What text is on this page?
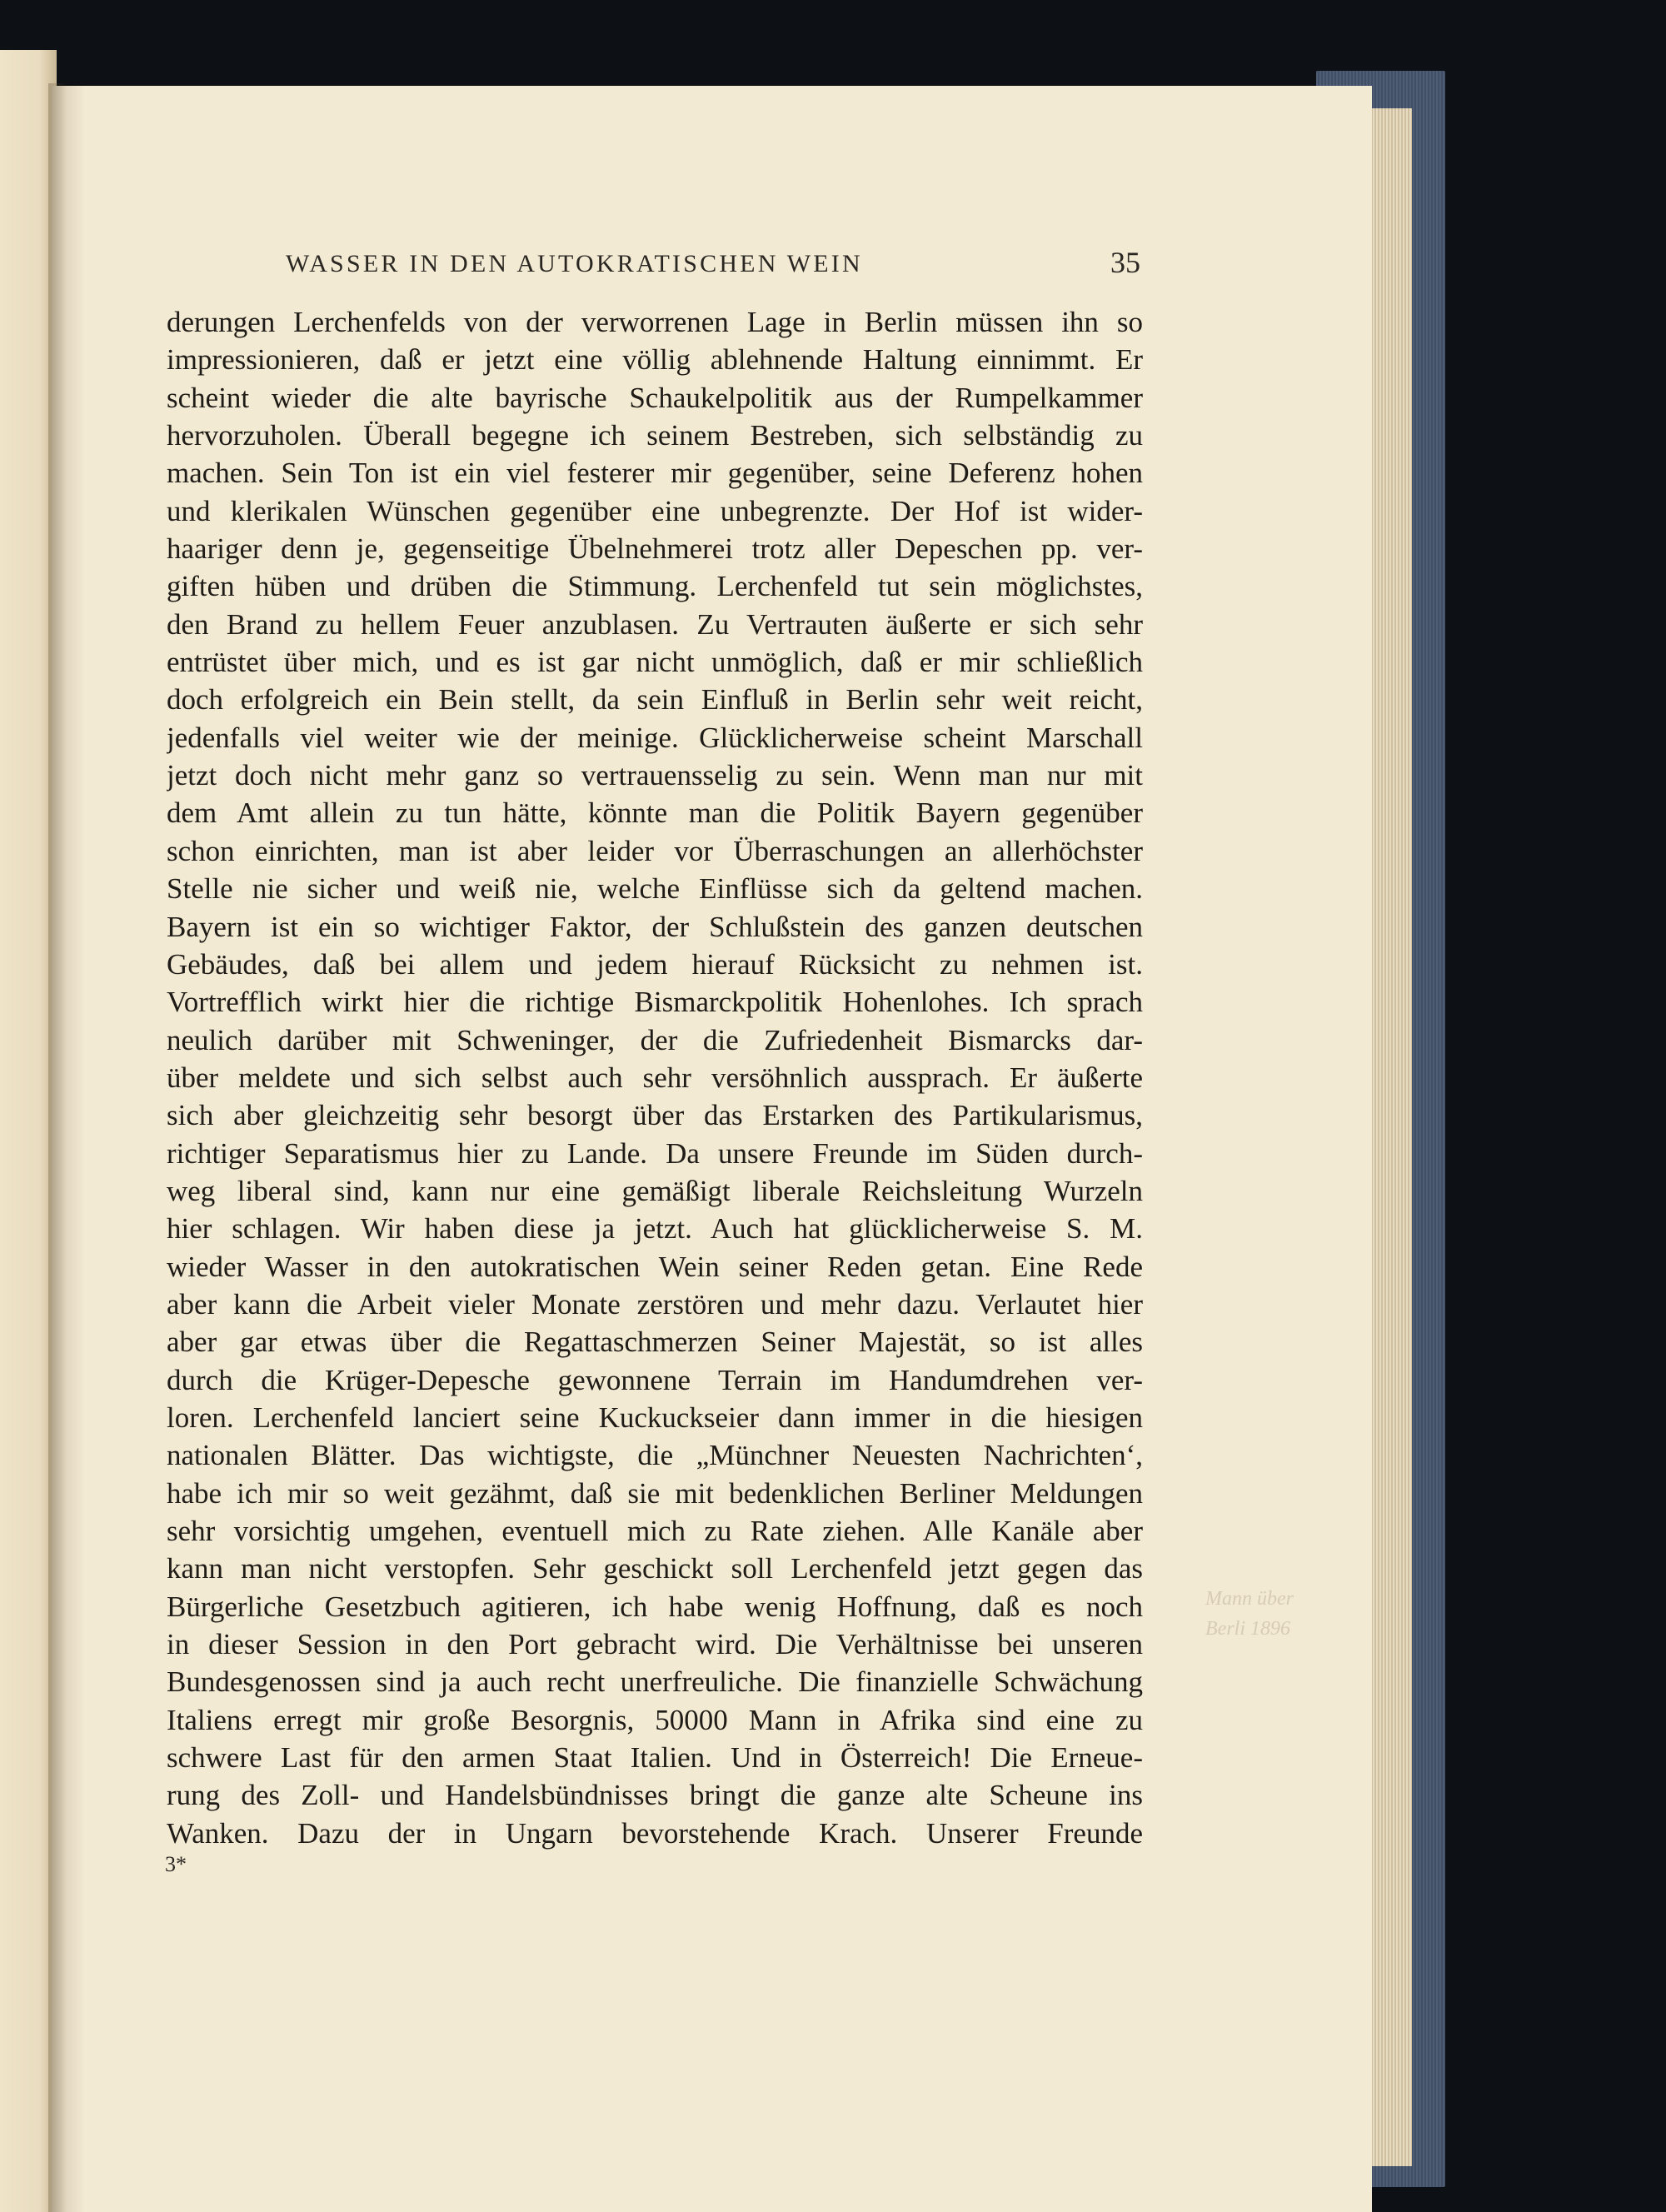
Mann über
Berli 1896
WASSER IN DEN AUTOKRATISCHEN WEIN	35
derungen Lerchenfelds von der verworrenen Lage in Berlin müssen ihn so
impressionieren, daß er jetzt eine völlig ablehnende Haltung einnimmt. Er
scheint wieder die alte bayrische Schaukelpolitik aus der Rumpelkammer
hervorzuholen. Überall begegne ich seinem Bestreben, sich selbständig zu
machen. Sein Ton ist ein viel festerer mir gegenüber, seine Deferenz hohen
und klerikalen Wünschen gegenüber eine unbegrenzte. Der Hof ist wider-
haariger denn je, gegenseitige Übelnehmerei trotz aller Depeschen pp. ver-
giften hüben und drüben die Stimmung. Lerchenfeld tut sein möglichstes,
den Brand zu hellem Feuer anzublasen. Zu Vertrauten äußerte er sich sehr
entrüstet über mich, und es ist gar nicht unmöglich, daß er mir schließlich
doch erfolgreich ein Bein stellt, da sein Einfluß in Berlin sehr weit reicht,
jedenfalls viel weiter wie der meinige. Glücklicherweise scheint Marschall
jetzt doch nicht mehr ganz so vertrauensselig zu sein. Wenn man nur mit
dem Amt allein zu tun hätte, könnte man die Politik Bayern gegenüber
schon einrichten, man ist aber leider vor Überraschungen an allerhöchster
Stelle nie sicher und weiß nie, welche Einflüsse sich da geltend machen.
Bayern ist ein so wichtiger Faktor, der Schlußstein des ganzen deutschen
Gebäudes, daß bei allem und jedem hierauf Rücksicht zu nehmen ist.
Vortrefflich wirkt hier die richtige Bismarckpolitik Hohenlohes. Ich sprach
neulich darüber mit Schweninger, der die Zufriedenheit Bismarcks dar-
über meldete und sich selbst auch sehr versöhnlich aussprach. Er äußerte
sich aber gleichzeitig sehr besorgt über das Erstarken des Partikularismus,
richtiger Separatismus hier zu Lande. Da unsere Freunde im Süden durch-
weg liberal sind, kann nur eine gemäßigt liberale Reichsleitung Wurzeln
hier schlagen. Wir haben diese ja jetzt. Auch hat glücklicherweise S. M.
wieder Wasser in den autokratischen Wein seiner Reden getan. Eine Rede
aber kann die Arbeit vieler Monate zerstören und mehr dazu. Verlautet hier
aber gar etwas über die Regattaschmerzen Seiner Majestät, so ist alles
durch die Krüger-Depesche gewonnene Terrain im Handumdrehen ver-
loren. Lerchenfeld lanciert seine Kuckuckseier dann immer in die hiesigen
nationalen Blätter. Das wichtigste, die „Münchner Neuesten Nachrichten‘,
habe ich mir so weit gezähmt, daß sie mit bedenklichen Berliner Meldungen
sehr vorsichtig umgehen, eventuell mich zu Rate ziehen. Alle Kanäle aber
kann man nicht verstopfen. Sehr geschickt soll Lerchenfeld jetzt gegen das
Bürgerliche Gesetzbuch agitieren, ich habe wenig Hoffnung, daß es noch
in dieser Session in den Port gebracht wird. Die Verhältnisse bei unseren
Bundesgenossen sind ja auch recht unerfreuliche. Die finanzielle Schwächung
Italiens erregt mir große Besorgnis, 50000 Mann in Afrika sind eine zu
schwere Last für den armen Staat Italien. Und in Österreich! Die Erneue-
rung des Zoll- und Handelsbündnisses bringt die ganze alte Scheune ins
Wanken. Dazu der in Ungarn bevorstehende Krach. Unserer Freunde
3*
